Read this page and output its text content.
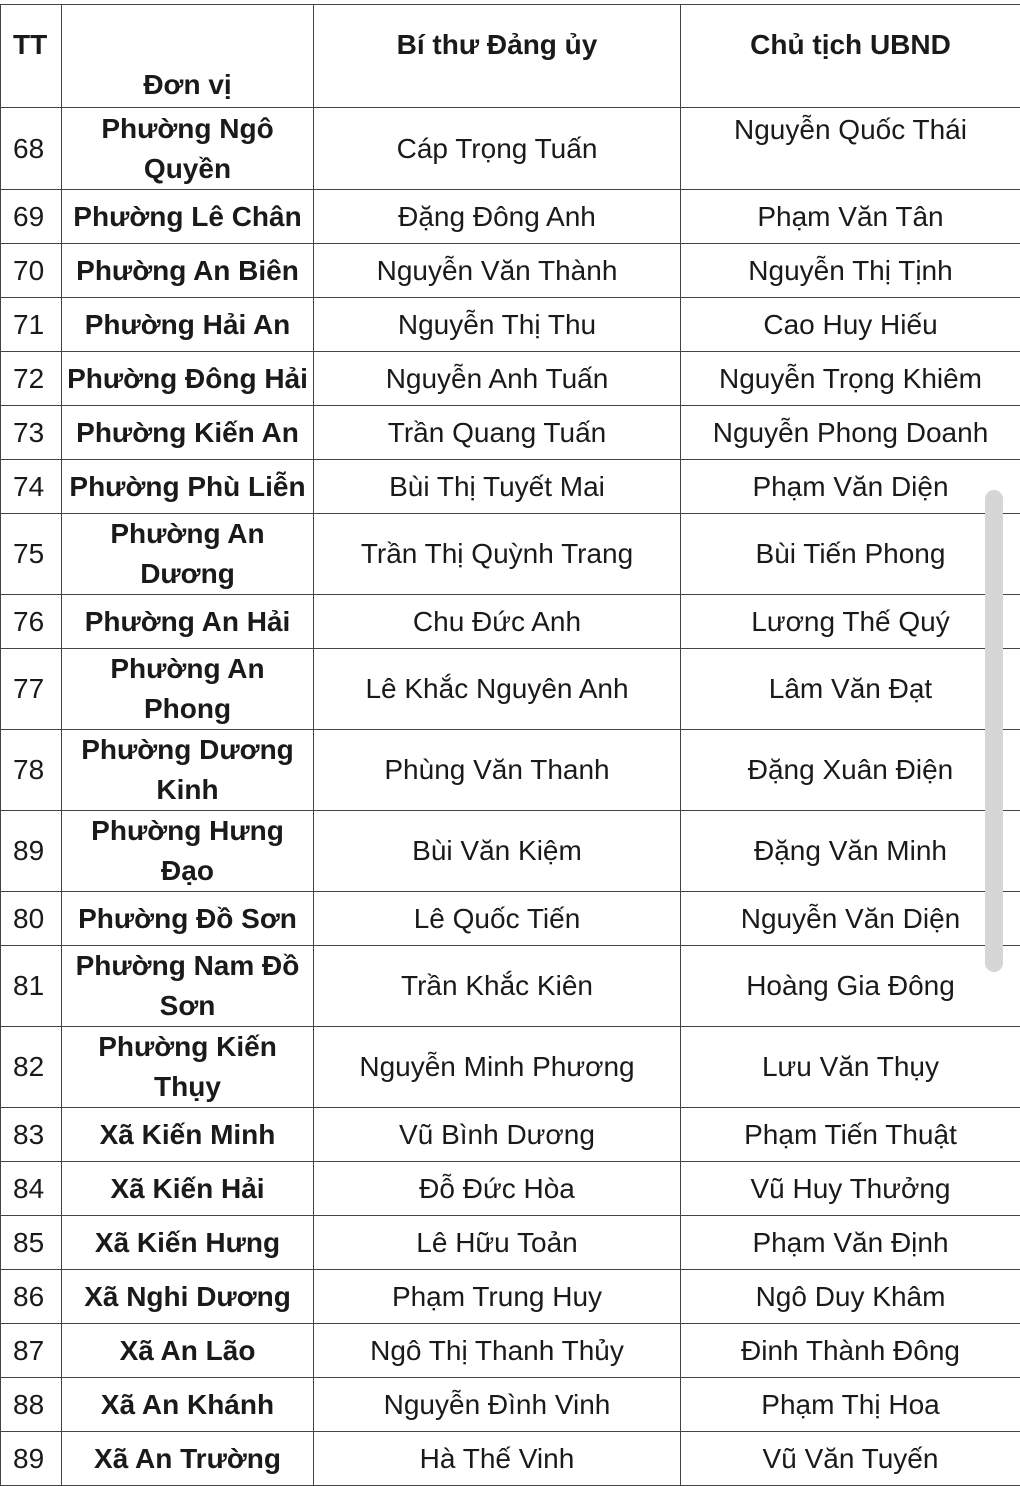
TT	Đơn vị	Bí thư Đảng ủy	Chủ tịch UBND
68	Phường Ngô Quyền	Cáp Trọng Tuấn	Nguyễn Quốc Thái
69	Phường Lê Chân	Đặng Đông Anh	Phạm Văn Tân
70	Phường An Biên	Nguyễn Văn Thành	Nguyễn Thị Tịnh
71	Phường Hải An	Nguyễn Thị Thu	Cao Huy Hiếu
72	Phường Đông Hải	Nguyễn Anh Tuấn	Nguyễn Trọng Khiêm
73	Phường Kiến An	Trần Quang Tuấn	Nguyễn Phong Doanh
74	Phường Phù Liễn	Bùi Thị Tuyết Mai	Phạm Văn Diện
75	Phường An Dương	Trần Thị Quỳnh Trang	Bùi Tiến Phong
76	Phường An Hải	Chu Đức Anh	Lương Thế Quý
77	Phường An Phong	Lê Khắc Nguyên Anh	Lâm Văn Đạt
78	Phường Dương Kinh	Phùng Văn Thanh	Đặng Xuân Điện
89	Phường Hưng Đạo	Bùi Văn Kiệm	Đặng Văn Minh
80	Phường Đồ Sơn	Lê Quốc Tiến	Nguyễn Văn Diện
81	Phường Nam Đồ Sơn	Trần Khắc Kiên	Hoàng Gia Đông
82	Phường Kiến Thụy	Nguyễn Minh Phương	Lưu Văn Thụy
83	Xã Kiến Minh	Vũ Bình Dương	Phạm Tiến Thuật
84	Xã Kiến Hải	Đỗ Đức Hòa	Vũ Huy Thưởng
85	Xã Kiến Hưng	Lê Hữu Toản	Phạm Văn Định
86	Xã Nghi Dương	Phạm Trung Huy	Ngô Duy Khâm
87	Xã An Lão	Ngô Thị Thanh Thủy	Đinh Thành Đông
88	Xã An Khánh	Nguyễn Đình Vinh	Phạm Thị Hoa
89	Xã An Trường	Hà Thế Vinh	Vũ Văn Tuyến
